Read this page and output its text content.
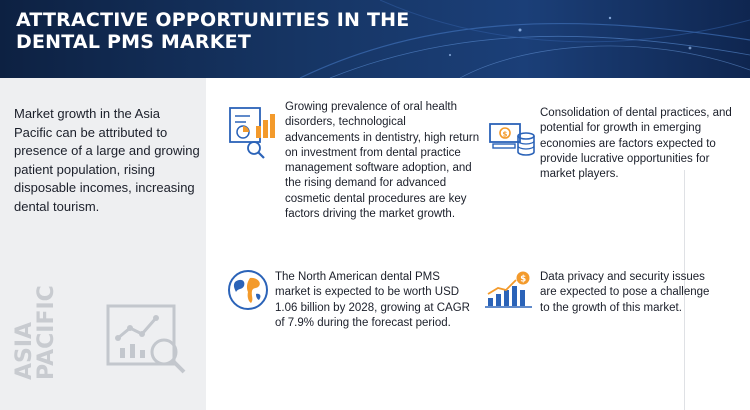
ATTRACTIVE OPPORTUNITIES IN THE DENTAL PMS MARKET
Market growth in the Asia Pacific can be attributed to presence of a large and growing patient population, rising disposable incomes, increasing dental tourism.
ASIA
PACIFIC
Growing prevalence of oral health disorders, technological advancements in dentistry, high return on investment from dental practice management software adoption, and the rising demand for advanced cosmetic dental procedures are key factors driving the market growth.
$
Consolidation of dental practices, and potential for growth in emerging economies are factors expected to provide lucrative opportunities for market players.
The North American dental PMS market is expected to be worth USD 1.06 billion by 2028, growing at CAGR of 7.9% during the forecast period.
$ Data privacy and security issues are expected to pose a challenge to the growth of this market.
